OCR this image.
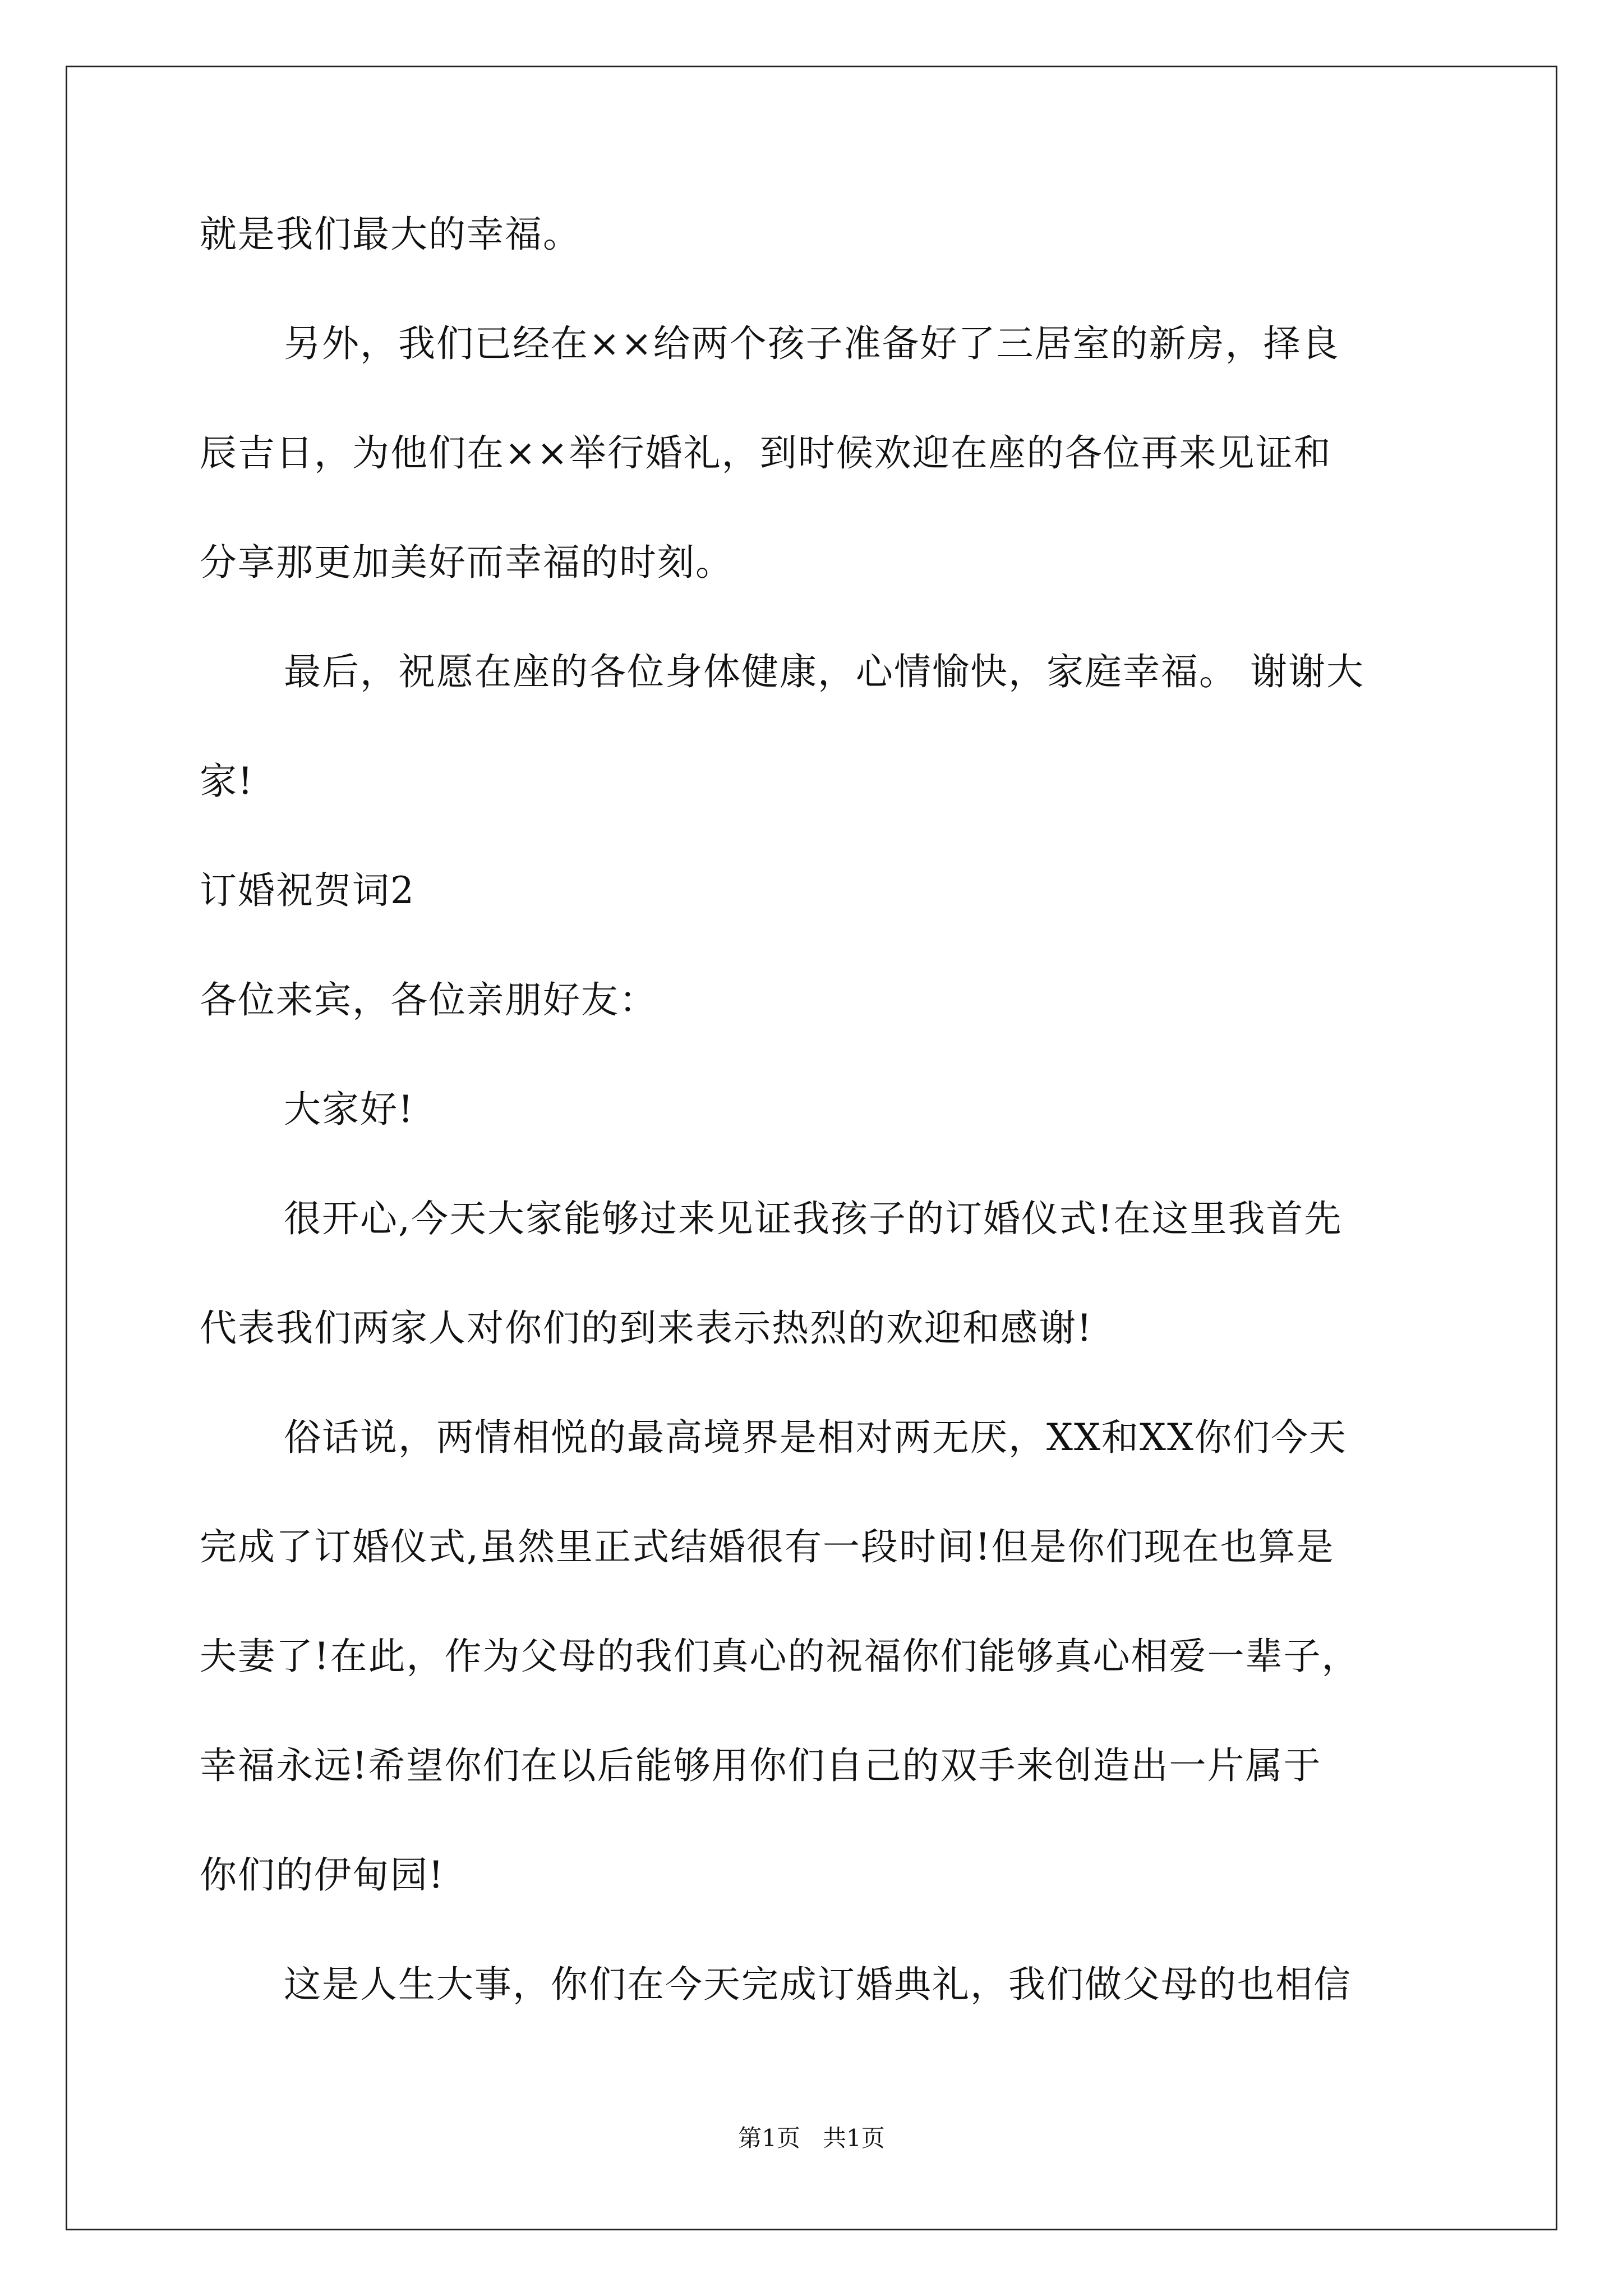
就是我们最大的幸福。
另外，我们已经在××给两个孩子准备好了三居室的新房，择良
辰吉日，为他们在××举行婚礼，到时候欢迎在座的各位再来见证和
分享那更加美好而幸福的时刻。
最后，祝愿在座的各位身体健康，心情愉快，家庭幸福。 谢谢大
家!
订婚祝贺词2
各位来宾，各位亲朋好友：
大家好!
很开心,今天大家能够过来见证我孩子的订婚仪式!在这里我首先
代表我们两家人对你们的到来表示热烈的欢迎和感谢!
俗话说，两情相悦的最高境界是相对两无厌，XX和XX你们今天
完成了订婚仪式,虽然里正式结婚很有一段时间!但是你们现在也算是
夫妻了!在此，作为父母的我们真心的祝福你们能够真心相爱一辈子，
幸福永远!希望你们在以后能够用你们自己的双手来创造出一片属于
你们的伊甸园!
这是人生大事，你们在今天完成订婚典礼，我们做父母的也相信
第1页   共1页
